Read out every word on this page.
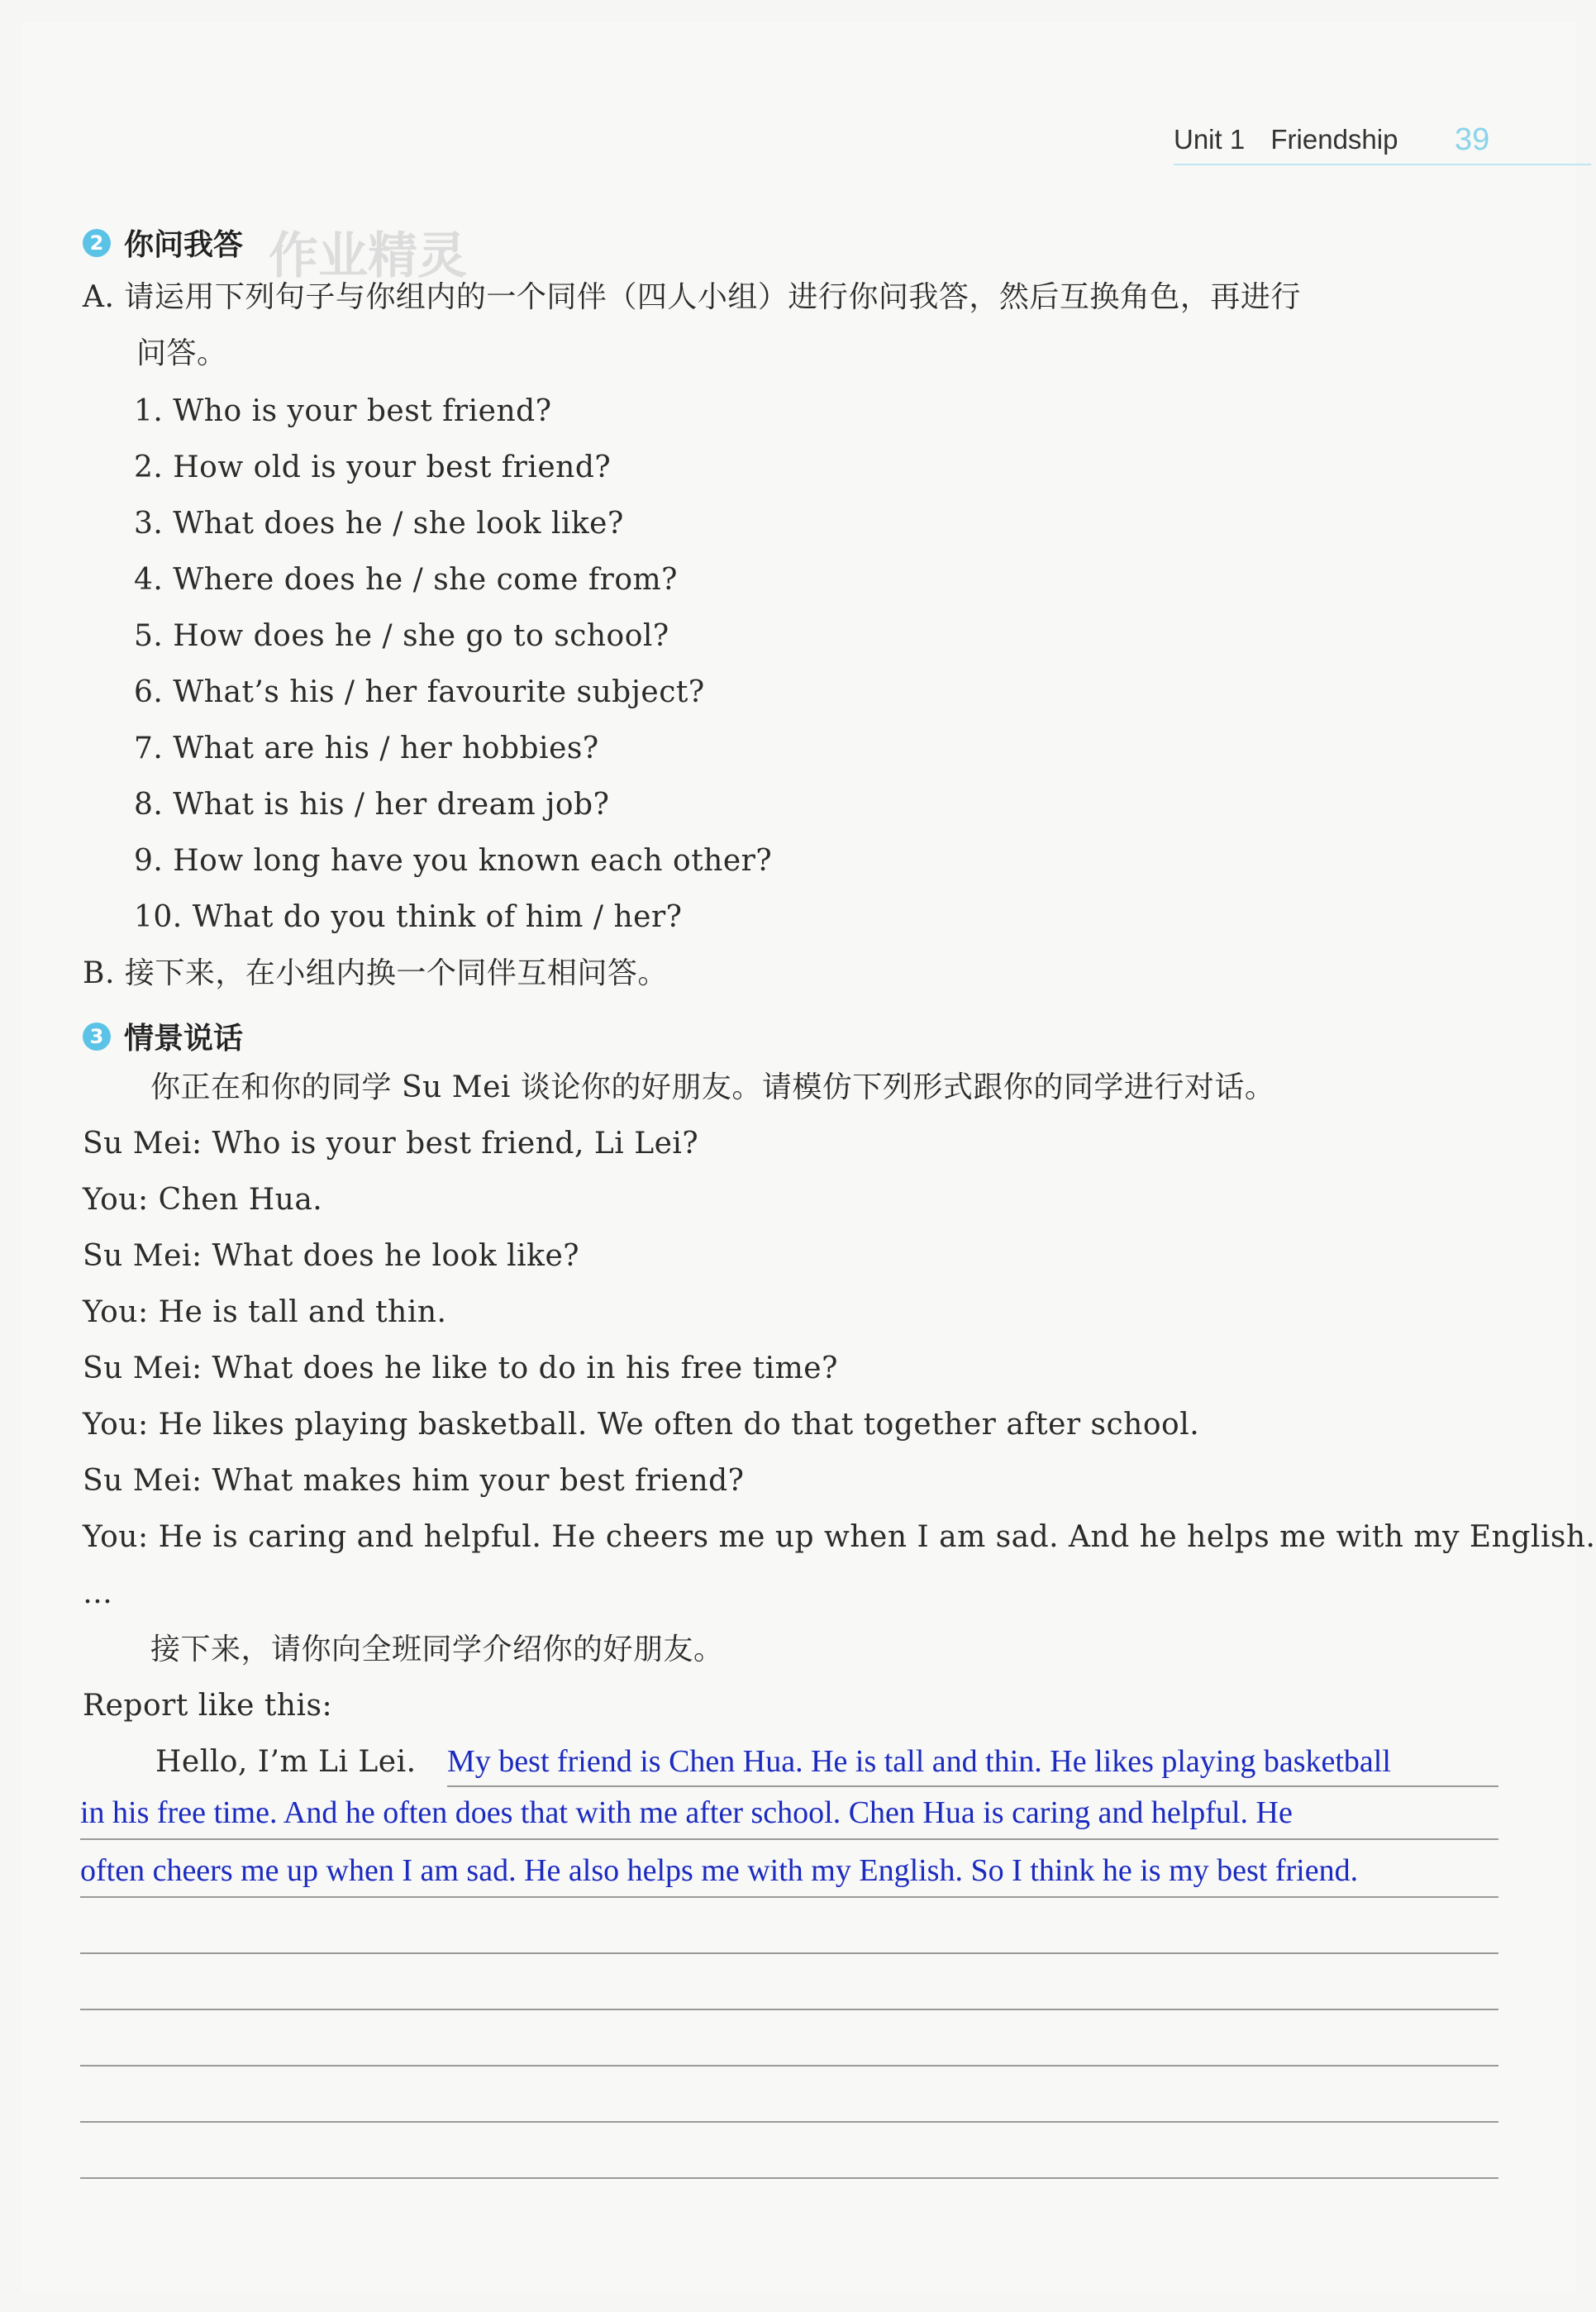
Unit 1 Friendship 39
2 你问我答 作业精灵
A. 请运用下列句子与你组内的一个同伴（四人小组）进行你问我答，然后互换角色，再进行
问答。
1. Who is your best friend?
2. How old is your best friend?
3. What does he / she look like?
4. Where does he / she come from?
5. How does he / she go to school?
6. What’s his / her favourite subject?
7. What are his / her hobbies?
8. What is his / her dream job?
9. How long have you known each other?
10. What do you think of him / her?
B. 接下来，在小组内换一个同伴互相问答。
3 情景说话
你正在和你的同学 Su Mei 谈论你的好朋友。请模仿下列形式跟你的同学进行对话。
Su Mei: Who is your best friend, Li Lei?
You: Chen Hua.
Su Mei: What does he look like?
You: He is tall and thin.
Su Mei: What does he like to do in his free time?
You: He likes playing basketball. We often do that together after school.
Su Mei: What makes him your best friend?
You: He is caring and helpful. He cheers me up when I am sad. And he helps me with my English.
…
接下来，请你向全班同学介绍你的好朋友。
Report like this:
Hello, I’m Li Lei. My best friend is Chen Hua. He is tall and thin. He likes playing basketball
in his free time. And he often does that with me after school. Chen Hua is caring and helpful. He
often cheers me up when I am sad. He also helps me with my English. So I think he is my best friend.
